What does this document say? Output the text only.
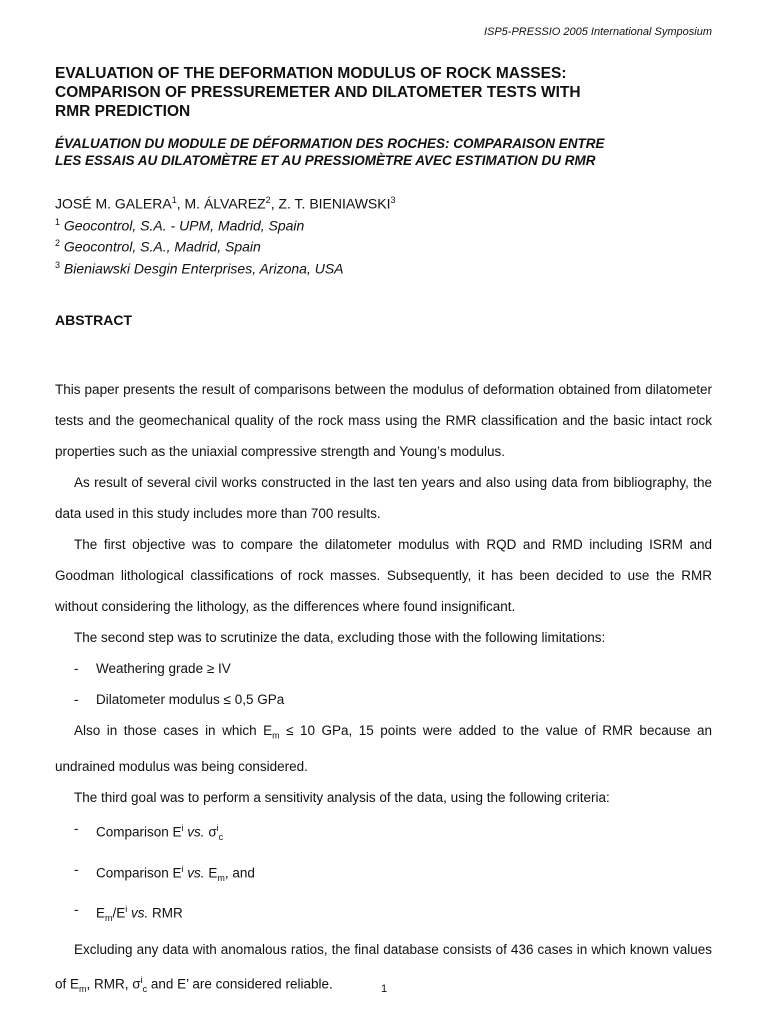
ISP5-PRESSIO 2005 International Symposium
EVALUATION OF THE DEFORMATION MODULUS OF ROCK MASSES:
COMPARISON OF PRESSUREMETER AND DILATOMETER TESTS WITH
RMR PREDICTION
ÉVALUATION DU MODULE DE DÉFORMATION DES ROCHES: COMPARAISON ENTRE
LES ESSAIS AU DILATOMÈTRE ET AU PRESSIOMÈTRE AVEC ESTIMATION DU RMR
JOSÉ M. GALERA$^1$, M. ÁLVAREZ$^2$, Z. T. BIENIAWSKI$^3$
$^1$ Geocontrol, S.A. - UPM, Madrid, Spain
$^2$ Geocontrol, S.A., Madrid, Spain
$^3$ Bieniawski Desgin Enterprises, Arizona, USA
ABSTRACT

This paper presents the result of comparisons between the modulus of deformation obtained from dilatometer tests and the geomechanical quality of the rock mass using the RMR classification and the basic intact rock properties such as the uniaxial compressive strength and Young’s modulus.

As result of several civil works constructed in the last ten years and also using data from bibliography, the data used in this study includes more than 700 results.

The first objective was to compare the dilatometer modulus with RQD and RMD including ISRM and Goodman lithological classifications of rock masses. Subsequently, it has been decided to use the RMR without considering the lithology, as the differences where found insignificant.

The second step was to scrutinize the data, excluding those with the following limitations:

-	Weathering grade ≥ IV
-	Dilatometer modulus ≤ 0,5 GPa

Also in those cases in which $E_m \le 10$ GPa, 15 points were added to the value of RMR because an undrained modulus was being considered.

The third goal was to perform a sensitivity analysis of the data, using the following criteria:

-	Comparison $E^i$ vs. $\sigma^i_c$
-	Comparison $E^i$ vs. $E_m$, and
-	$E_m/E^i$ vs. RMR

Excluding any data with anomalous ratios, the final database consists of 436 cases in which known values of $E_m$, RMR, $\sigma^i_c$ and E’ are considered reliable.	1
